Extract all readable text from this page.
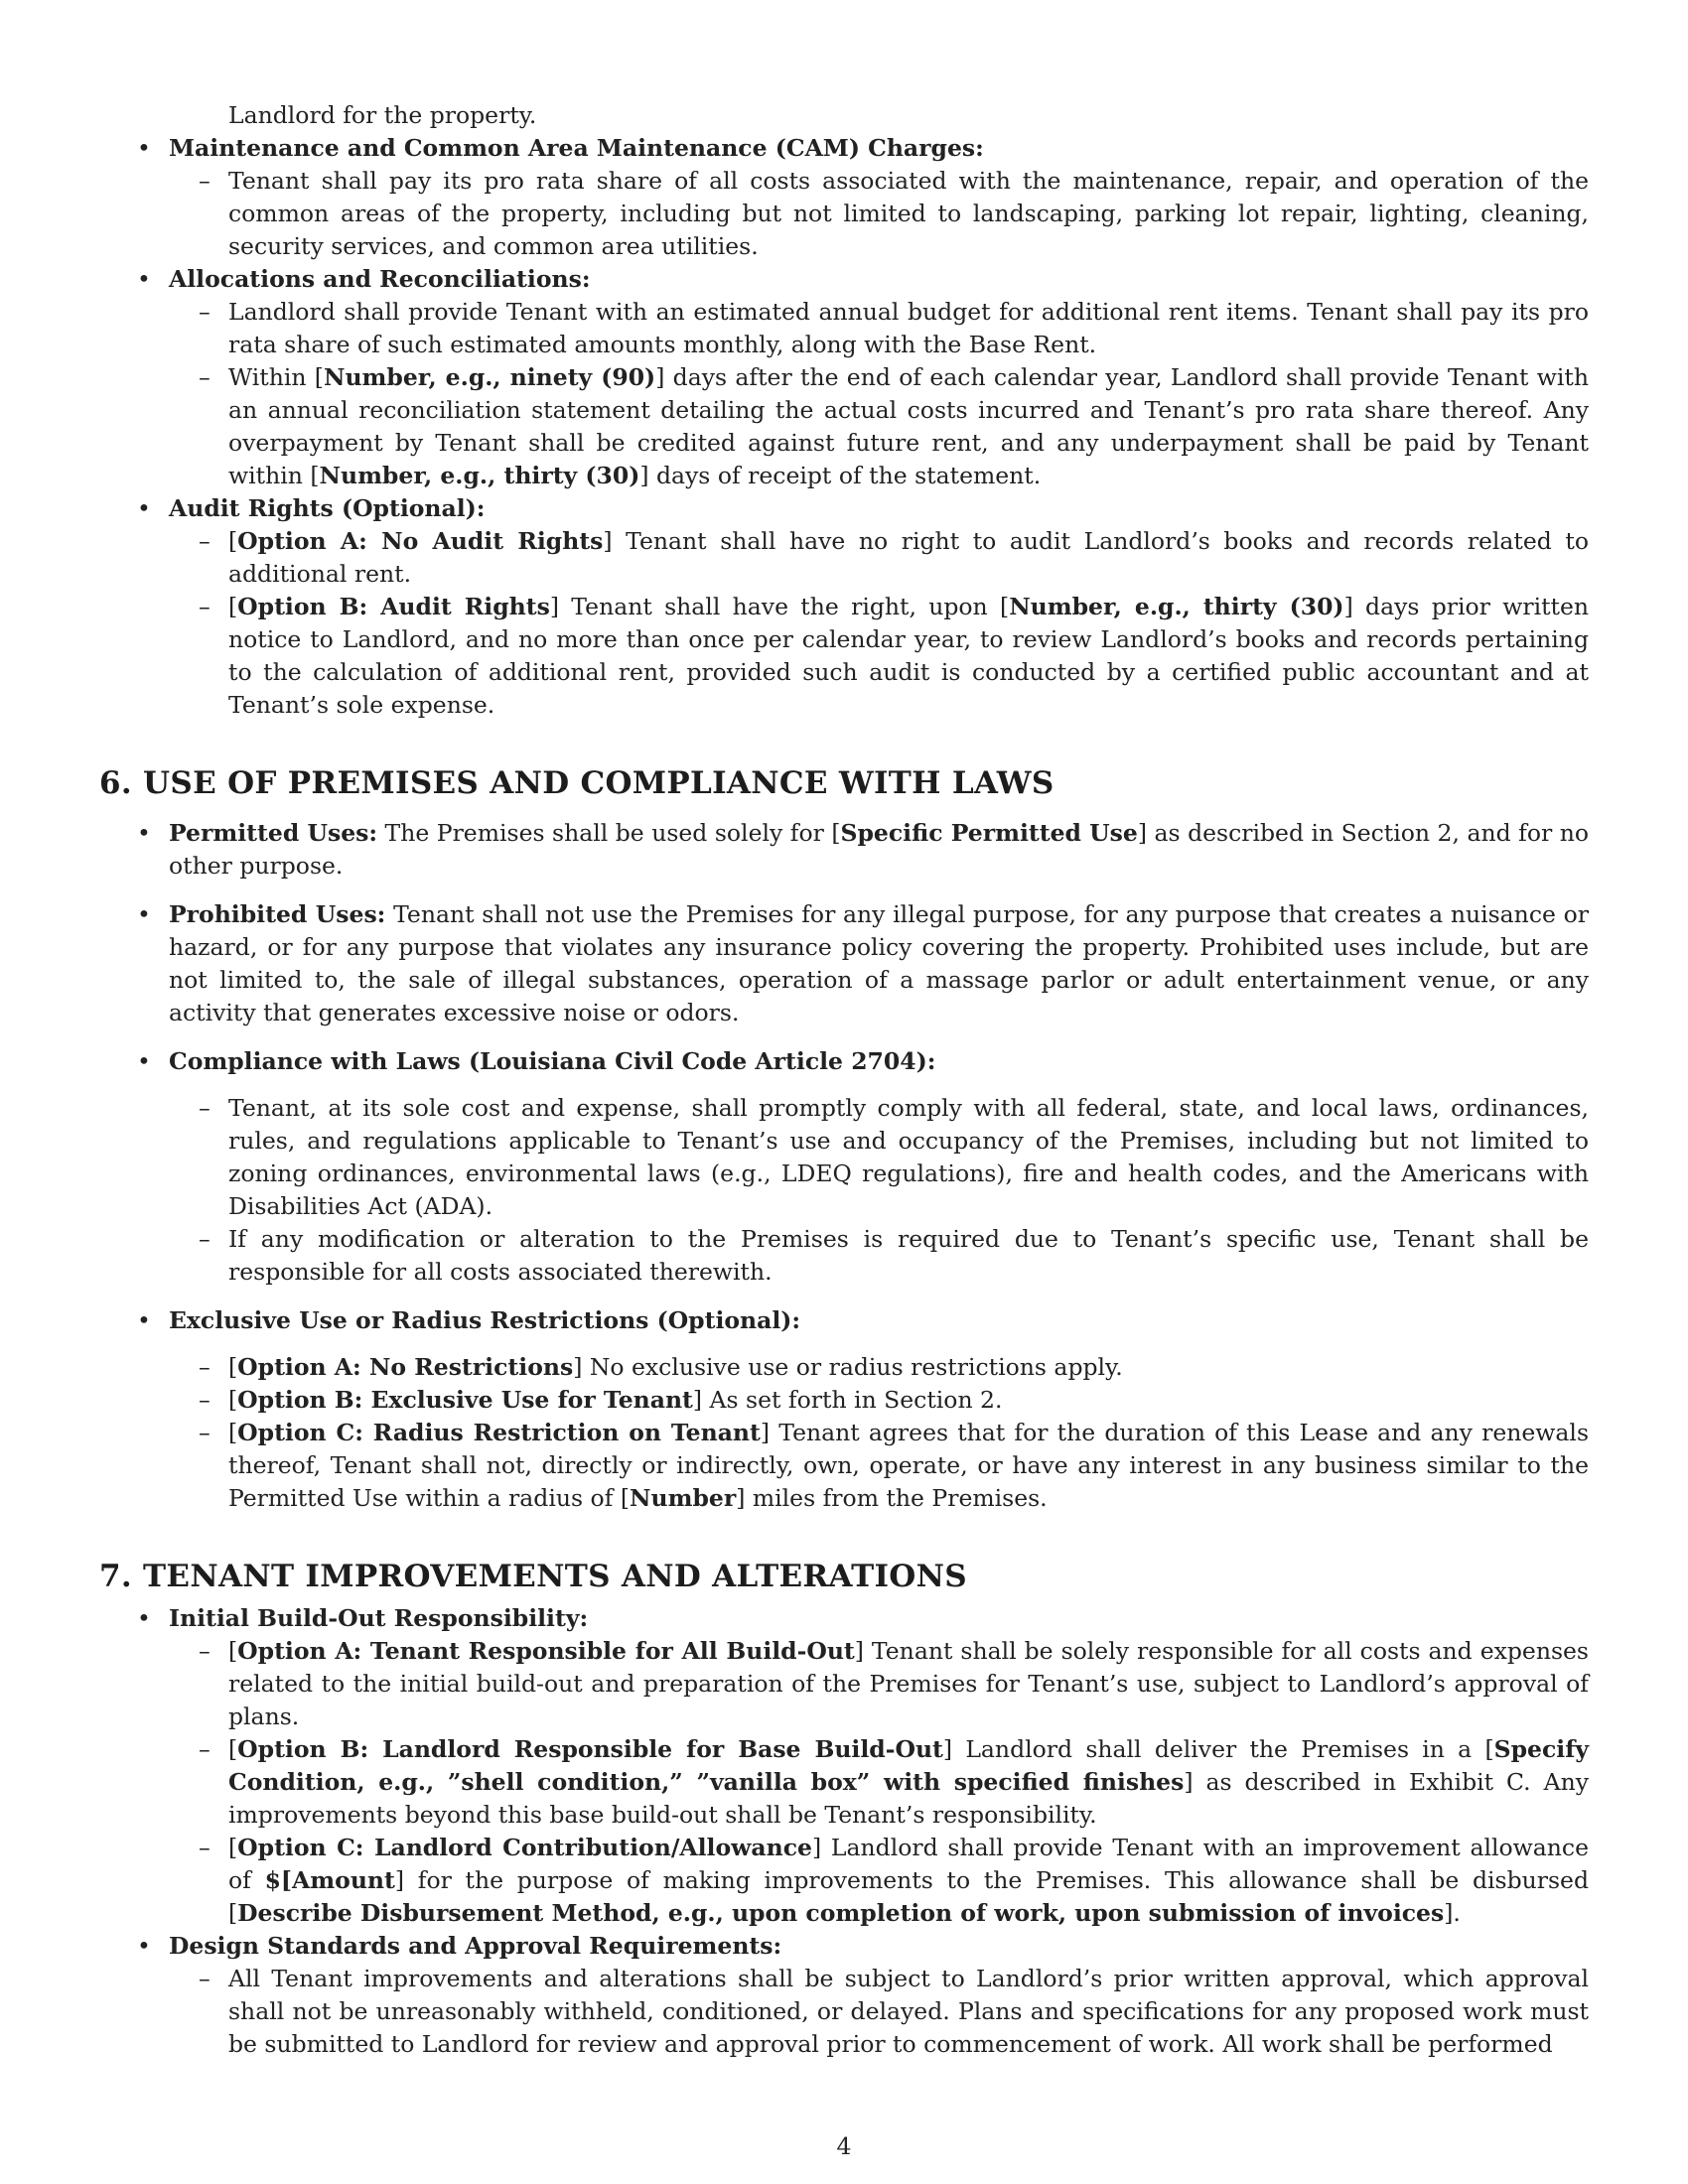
Landlord for the property.

• Maintenance and Common Area Maintenance (CAM) Charges:
– Tenant shall pay its pro rata share of all costs associated with the maintenance, repair, and operation of the common areas of the property, including but not limited to landscaping, parking lot repair, lighting, cleaning, security services, and common area utilities.
• Allocations and Reconciliations:
– Landlord shall provide Tenant with an estimated annual budget for additional rent items. Tenant shall pay its pro rata share of such estimated amounts monthly, along with the Base Rent.
– Within [Number, e.g., ninety (90)] days after the end of each calendar year, Landlord shall provide Tenant with an annual reconciliation statement detailing the actual costs incurred and Tenant’s pro rata share thereof. Any overpayment by Tenant shall be credited against future rent, and any underpayment shall be paid by Tenant within [Number, e.g., thirty (30)] days of receipt of the statement.
• Audit Rights (Optional):
– [Option A: No Audit Rights] Tenant shall have no right to audit Landlord’s books and records related to additional rent.
– [Option B: Audit Rights] Tenant shall have the right, upon [Number, e.g., thirty (30)] days prior written notice to Landlord, and no more than once per calendar year, to review Landlord’s books and records pertaining to the calculation of additional rent, provided such audit is conducted by a certified public accountant and at Tenant’s sole expense.
6. USE OF PREMISES AND COMPLIANCE WITH LAWS
• Permitted Uses: The Premises shall be used solely for [Specific Permitted Use] as described in Section 2, and for no other purpose.
• Prohibited Uses: Tenant shall not use the Premises for any illegal purpose, for any purpose that creates a nuisance or hazard, or for any purpose that violates any insurance policy covering the property. Prohibited uses include, but are not limited to, the sale of illegal substances, operation of a massage parlor or adult entertainment venue, or any activity that generates excessive noise or odors.
• Compliance with Laws (Louisiana Civil Code Article 2704):
– Tenant, at its sole cost and expense, shall promptly comply with all federal, state, and local laws, ordinances, rules, and regulations applicable to Tenant’s use and occupancy of the Premises, including but not limited to zoning ordinances, environmental laws (e.g., LDEQ regulations), fire and health codes, and the Americans with Disabilities Act (ADA).
– If any modification or alteration to the Premises is required due to Tenant’s specific use, Tenant shall be responsible for all costs associated therewith.
• Exclusive Use or Radius Restrictions (Optional):
– [Option A: No Restrictions] No exclusive use or radius restrictions apply.
– [Option B: Exclusive Use for Tenant] As set forth in Section 2.
– [Option C: Radius Restriction on Tenant] Tenant agrees that for the duration of this Lease and any renewals thereof, Tenant shall not, directly or indirectly, own, operate, or have any interest in any business similar to the Permitted Use within a radius of [Number] miles from the Premises.
7. TENANT IMPROVEMENTS AND ALTERATIONS
• Initial Build-Out Responsibility:
– [Option A: Tenant Responsible for All Build-Out] Tenant shall be solely responsible for all costs and expenses related to the initial build-out and preparation of the Premises for Tenant’s use, subject to Landlord’s approval of plans.
– [Option B: Landlord Responsible for Base Build-Out] Landlord shall deliver the Premises in a [Specify Condition, e.g., ”shell condition,” ”vanilla box” with specified finishes] as described in Exhibit C. Any improvements beyond this base build-out shall be Tenant’s responsibility.
– [Option C: Landlord Contribution/Allowance] Landlord shall provide Tenant with an improvement allowance of $[Amount] for the purpose of making improvements to the Premises. This allowance shall be disbursed [Describe Disbursement Method, e.g., upon completion of work, upon submission of invoices].
• Design Standards and Approval Requirements:
– All Tenant improvements and alterations shall be subject to Landlord’s prior written approval, which approval shall not be unreasonably withheld, conditioned, or delayed. Plans and specifications for any proposed work must be submitted to Landlord for review and approval prior to commencement of work. All work shall be performed
4
